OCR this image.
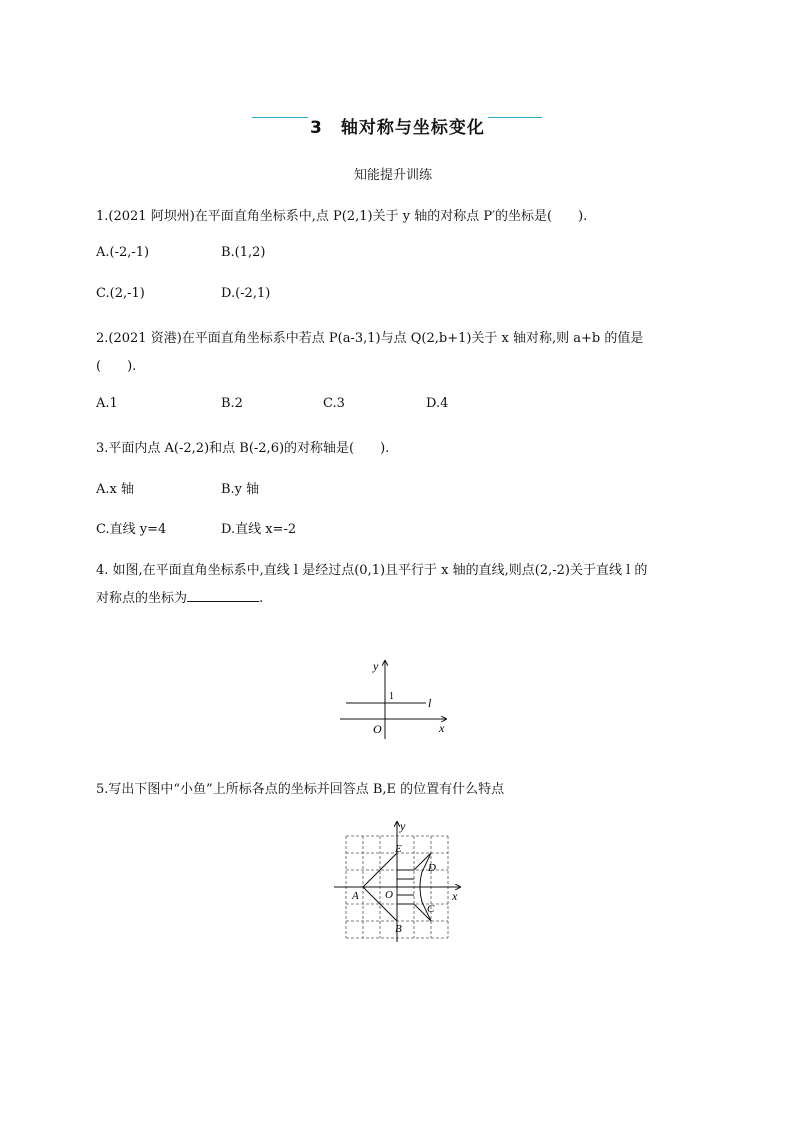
3　轴对称与坐标变化
知能提升训练
1.(2021 阿坝州)在平面直角坐标系中,点 P(2,1)关于 y 轴的对称点 P′的坐标是(　　).
A.(-2,-1)	B.(1,2)
C.(2,-1)	D.(-2,1)
2.(2021 资港)在平面直角坐标系中若点 P(a-3,1)与点 Q(2,b+1)关于 x 轴对称,则 a+b 的值是
(　　).
A.1	B.2	C.3	D.4
3.平面内点 A(-2,2)和点 B(-2,6)的对称轴是(　　).
A.x 轴	B.y 轴
C.直线 y=4	D.直线 x=-2
4. 如图,在平面直角坐标系中,直线 l 是经过点(0,1)且平行于 x 轴的直线,则点(2,-2)关于直线 l 的
对称点的坐标为	.
y
x
O
1	l
5.写出下图中“小鱼”上所标各点的坐标并回答点 B,E 的位置有什么特点
y
x
O
A
B
C
D
E
